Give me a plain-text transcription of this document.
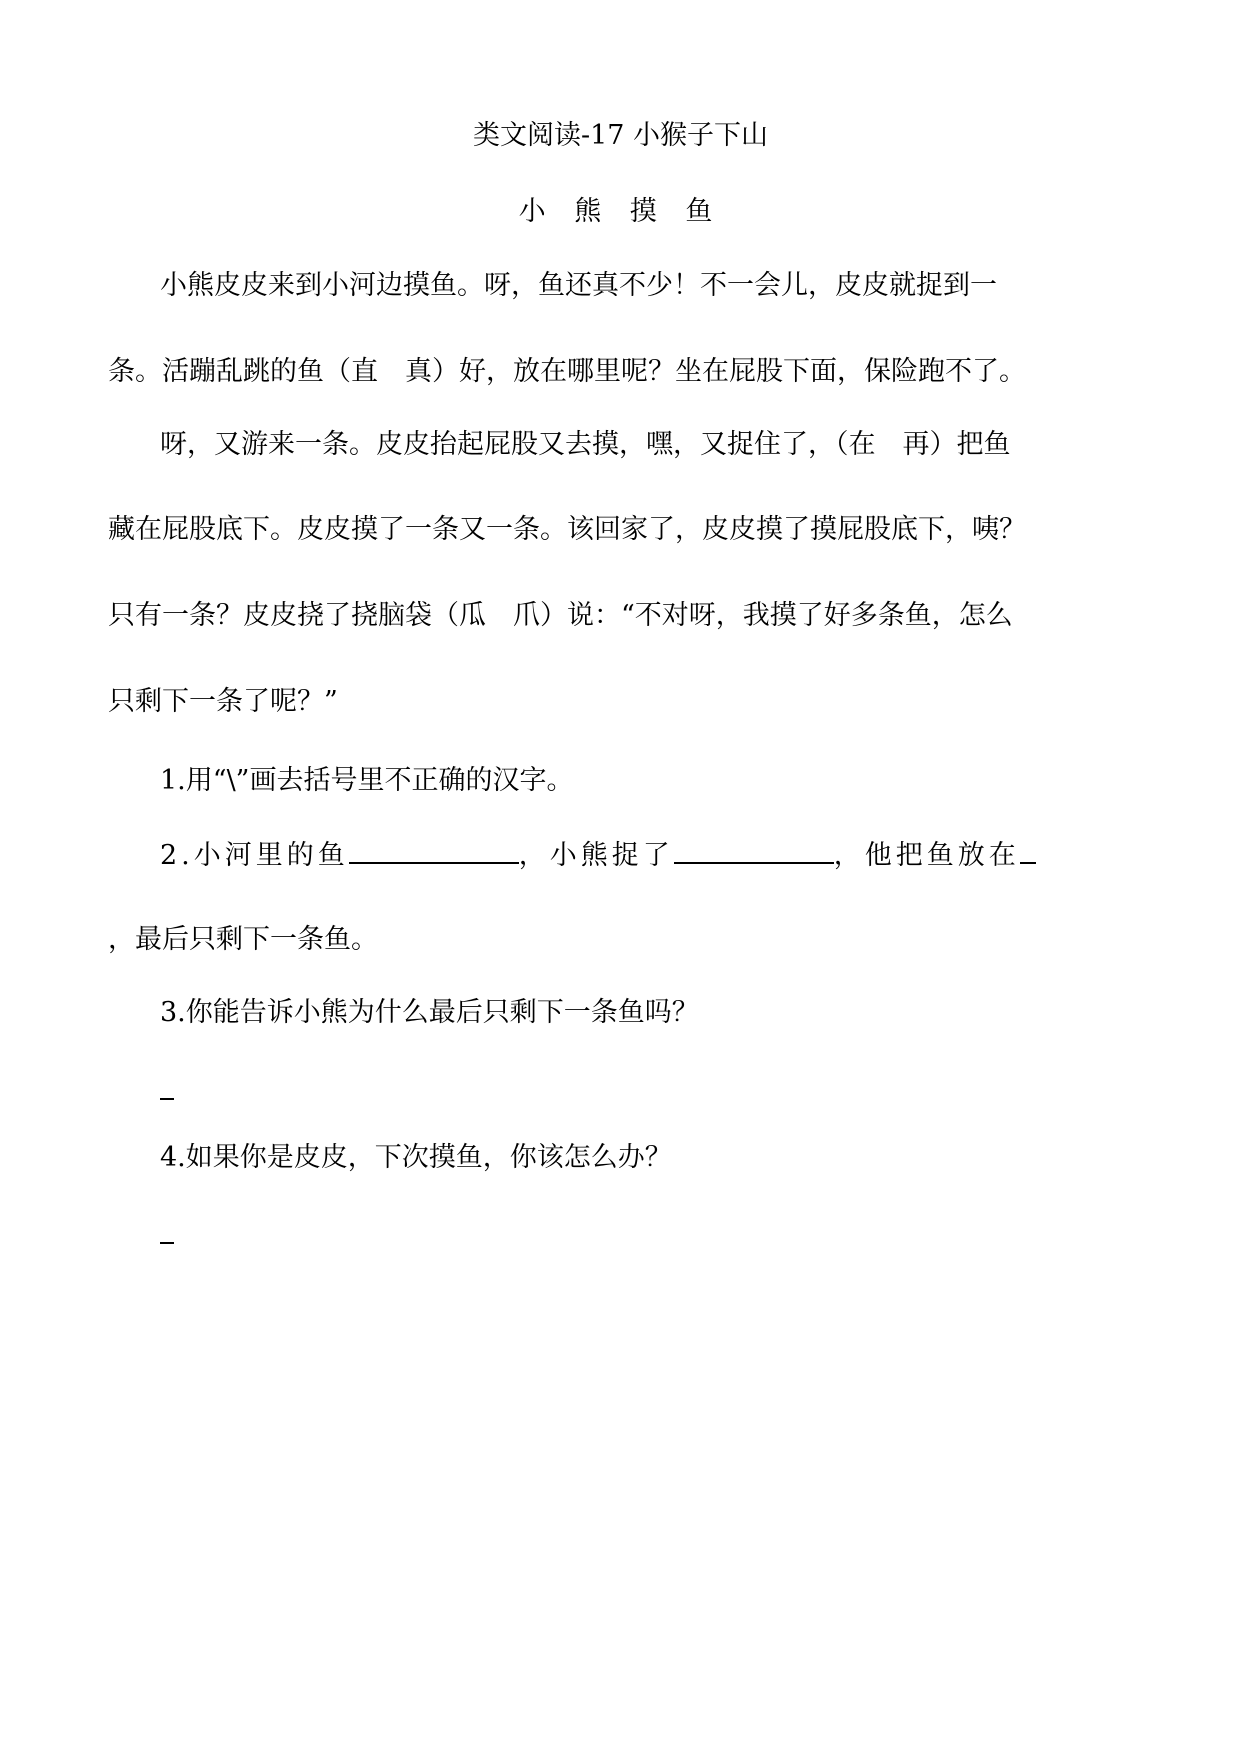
类文阅读-17 小猴子下山
小 熊 摸 鱼
小熊皮皮来到小河边摸鱼。呀，鱼还真不少！不一会儿，皮皮就捉到一
条。活蹦乱跳的鱼（直　真）好，放在哪里呢？坐在屁股下面，保险跑不了。
呀，又游来一条。皮皮抬起屁股又去摸，嘿，又捉住了，（在　再）把鱼
藏在屁股底下。皮皮摸了一条又一条。该回家了，皮皮摸了摸屁股底下，咦？
只有一条？皮皮挠了挠脑袋（瓜　爪）说：“不对呀，我摸了好多条鱼，怎么
只剩下一条了呢？”
1.用“\”画去括号里不正确的汉字。
2.小河里的鱼	，小熊捉了	，他把鱼放在
，最后只剩下一条鱼。
3.你能告诉小熊为什么最后只剩下一条鱼吗？
4.如果你是皮皮，下次摸鱼，你该怎么办？
